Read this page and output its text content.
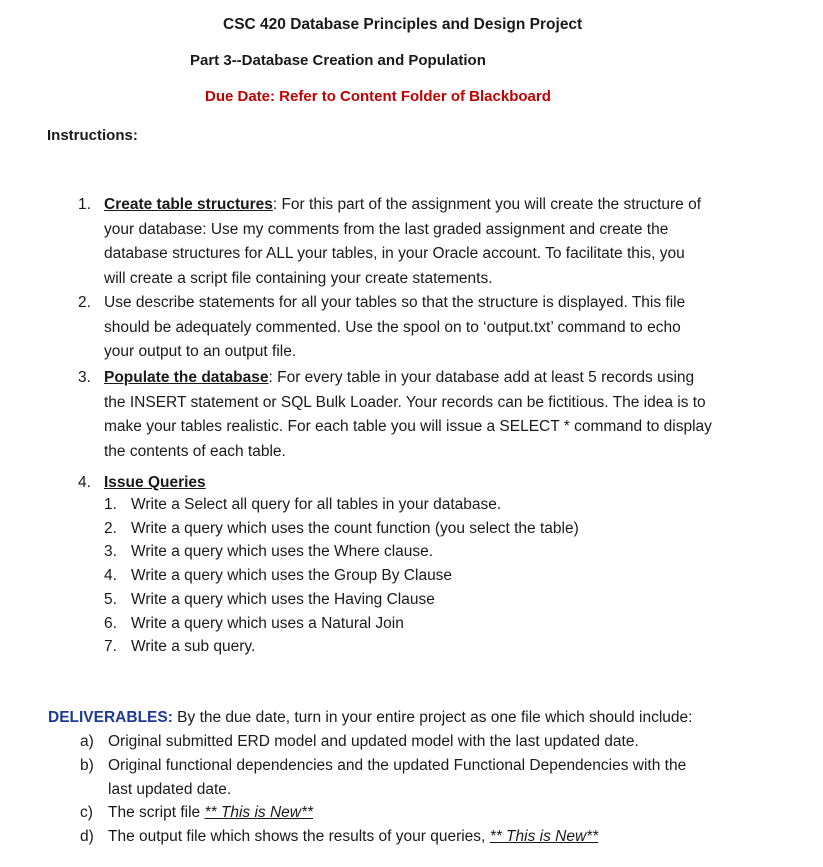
CSC 420 Database Principles and Design Project
Part 3--Database Creation and Population
Due Date: Refer to Content Folder of Blackboard
Instructions:
1. Create table structures: For this part of the assignment you will create the structure of
your database: Use my comments from the last graded assignment and create the
database structures for ALL your tables, in your Oracle account. To facilitate this, you
will create a script file containing your create statements.
2. Use describe statements for all your tables so that the structure is displayed. This file
should be adequately commented. Use the spool on to ‘output.txt’ command to echo
your output to an output file.
3. Populate the database: For every table in your database add at least 5 records using
the INSERT statement or SQL Bulk Loader. Your records can be fictitious. The idea is to
make your tables realistic. For each table you will issue a SELECT * command to display
the contents of each table.
4. Issue Queries
1. Write a Select all query for all tables in your database.
2. Write a query which uses the count function (you select the table)
3. Write a query which uses the Where clause.
4. Write a query which uses the Group By Clause
5. Write a query which uses the Having Clause
6. Write a query which uses a Natural Join
7. Write a sub query.
DELIVERABLES: By the due date, turn in your entire project as one file which should include:
a) Original submitted ERD model and updated model with the last updated date.
b) Original functional dependencies and the updated Functional Dependencies with the
last updated date.
c) The script file ** This is New**
d) The output file which shows the results of your queries, ** This is New**
